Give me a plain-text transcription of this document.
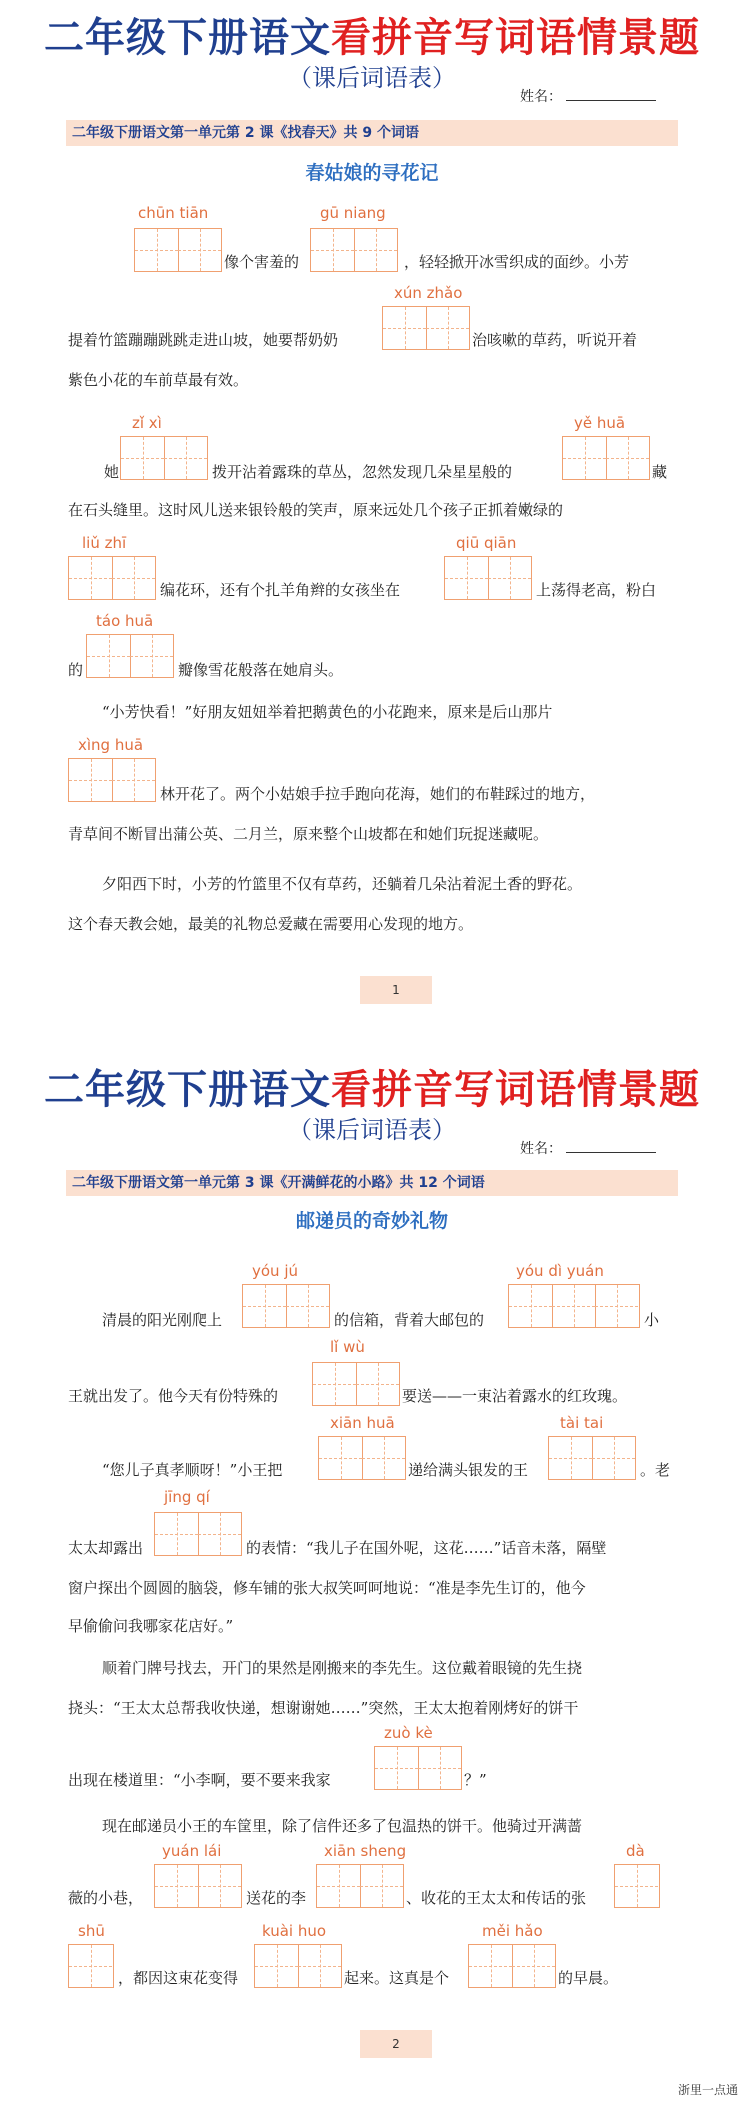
二年级下册语文看拼音写词语情景题
（课后词语表）
姓名：
二年级下册语文第一单元第 2 课《找春天》共 9 个词语
春姑娘的寻花记
chūn tiān
像个害羞的
gū niang
，轻轻掀开冰雪织成的面纱。小芳
xún zhǎo
提着竹篮蹦蹦跳跳走进山坡，她要帮奶奶	治咳嗽的草药，听说开着
紫色小花的车前草最有效。
zǐ xì
她	拨开沾着露珠的草丛，忽然发现几朵星星般的
yě huā
藏
在石头缝里。这时风儿送来银铃般的笑声，原来远处几个孩子正抓着嫩绿的
liǔ zhī
编花环，还有个扎羊角辫的女孩坐在
qiū qiān
上荡得老高，粉白
táo huā
的	瓣像雪花般落在她肩头。
“小芳快看！”好朋友妞妞举着把鹅黄色的小花跑来，原来是后山那片
xìng huā
林开花了。两个小姑娘手拉手跑向花海，她们的布鞋踩过的地方，
青草间不断冒出蒲公英、二月兰，原来整个山坡都在和她们玩捉迷藏呢。
夕阳西下时，小芳的竹篮里不仅有草药，还躺着几朵沾着泥土香的野花。
这个春天教会她，最美的礼物总爱藏在需要用心发现的地方。
1
二年级下册语文看拼音写词语情景题
（课后词语表）
姓名：
二年级下册语文第一单元第 3 课《开满鲜花的小路》共 12 个词语
邮递员的奇妙礼物
yóu jú
清晨的阳光刚爬上	的信箱，背着大邮包的
yóu dì yuán
小
lǐ wù
王就出发了。他今天有份特殊的	要送——一束沾着露水的红玫瑰。
xiān huā
“您儿子真孝顺呀！”小王把	递给满头银发的王
tài tai
。老
jīng qí
太太却露出	的表情：“我儿子在国外呢，这花……”话音未落，隔壁
窗户探出个圆圆的脑袋，修车铺的张大叔笑呵呵地说：“准是李先生订的，他今
早偷偷问我哪家花店好。”
顺着门牌号找去，开门的果然是刚搬来的李先生。这位戴着眼镜的先生挠
挠头：“王太太总帮我收快递，想谢谢她……”突然，王太太抱着刚烤好的饼干
zuò kè
出现在楼道里：“小李啊，要不要来我家	？”
现在邮递员小王的车筐里，除了信件还多了包温热的饼干。他骑过开满蔷
yuán lái
薇的小巷，	送花的李
xiān sheng
、收花的王太太和传话的张
dà
shū
，都因这束花变得
kuài huo
起来。这真是个
měi hǎo
的早晨。
2
浙里一点通
